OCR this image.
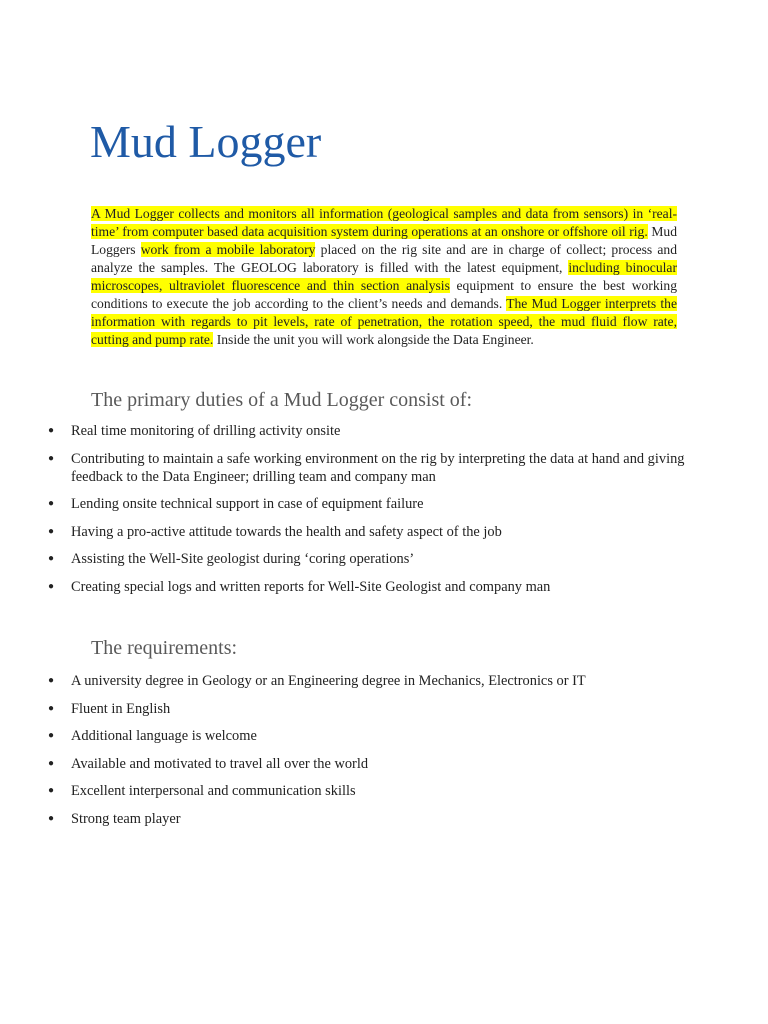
Mud Logger

A Mud Logger collects and monitors all information (geological samples and data from sensors) in ‘real-time’ from computer based data acquisition system during operations at an onshore or offshore oil rig. Mud Loggers work from a mobile laboratory placed on the rig site and are in charge of collect; process and analyze the samples. The GEOLOG laboratory is filled with the latest equipment, including binocular microscopes, ultraviolet fluorescence and thin section analysis equipment to ensure the best working conditions to execute the job according to the client’s needs and demands. The Mud Logger interprets the information with regards to pit levels, rate of penetration, the rotation speed, the mud fluid flow rate, cutting and pump rate. Inside the unit you will work alongside the Data Engineer.

The primary duties of a Mud Logger consist of:
● Real time monitoring of drilling activity onsite
● Contributing to maintain a safe working environment on the rig by interpreting the data at hand and giving feedback to the Data Engineer; drilling team and company man
● Lending onsite technical support in case of equipment failure
● Having a pro-active attitude towards the health and safety aspect of the job
● Assisting the Well-Site geologist during ‘coring operations’
● Creating special logs and written reports for Well-Site Geologist and company man
The requirements:
● A university degree in Geology or an Engineering degree in Mechanics, Electronics or IT
● Fluent in English
● Additional language is welcome
● Available and motivated to travel all over the world
● Excellent interpersonal and communication skills
● Strong team player
